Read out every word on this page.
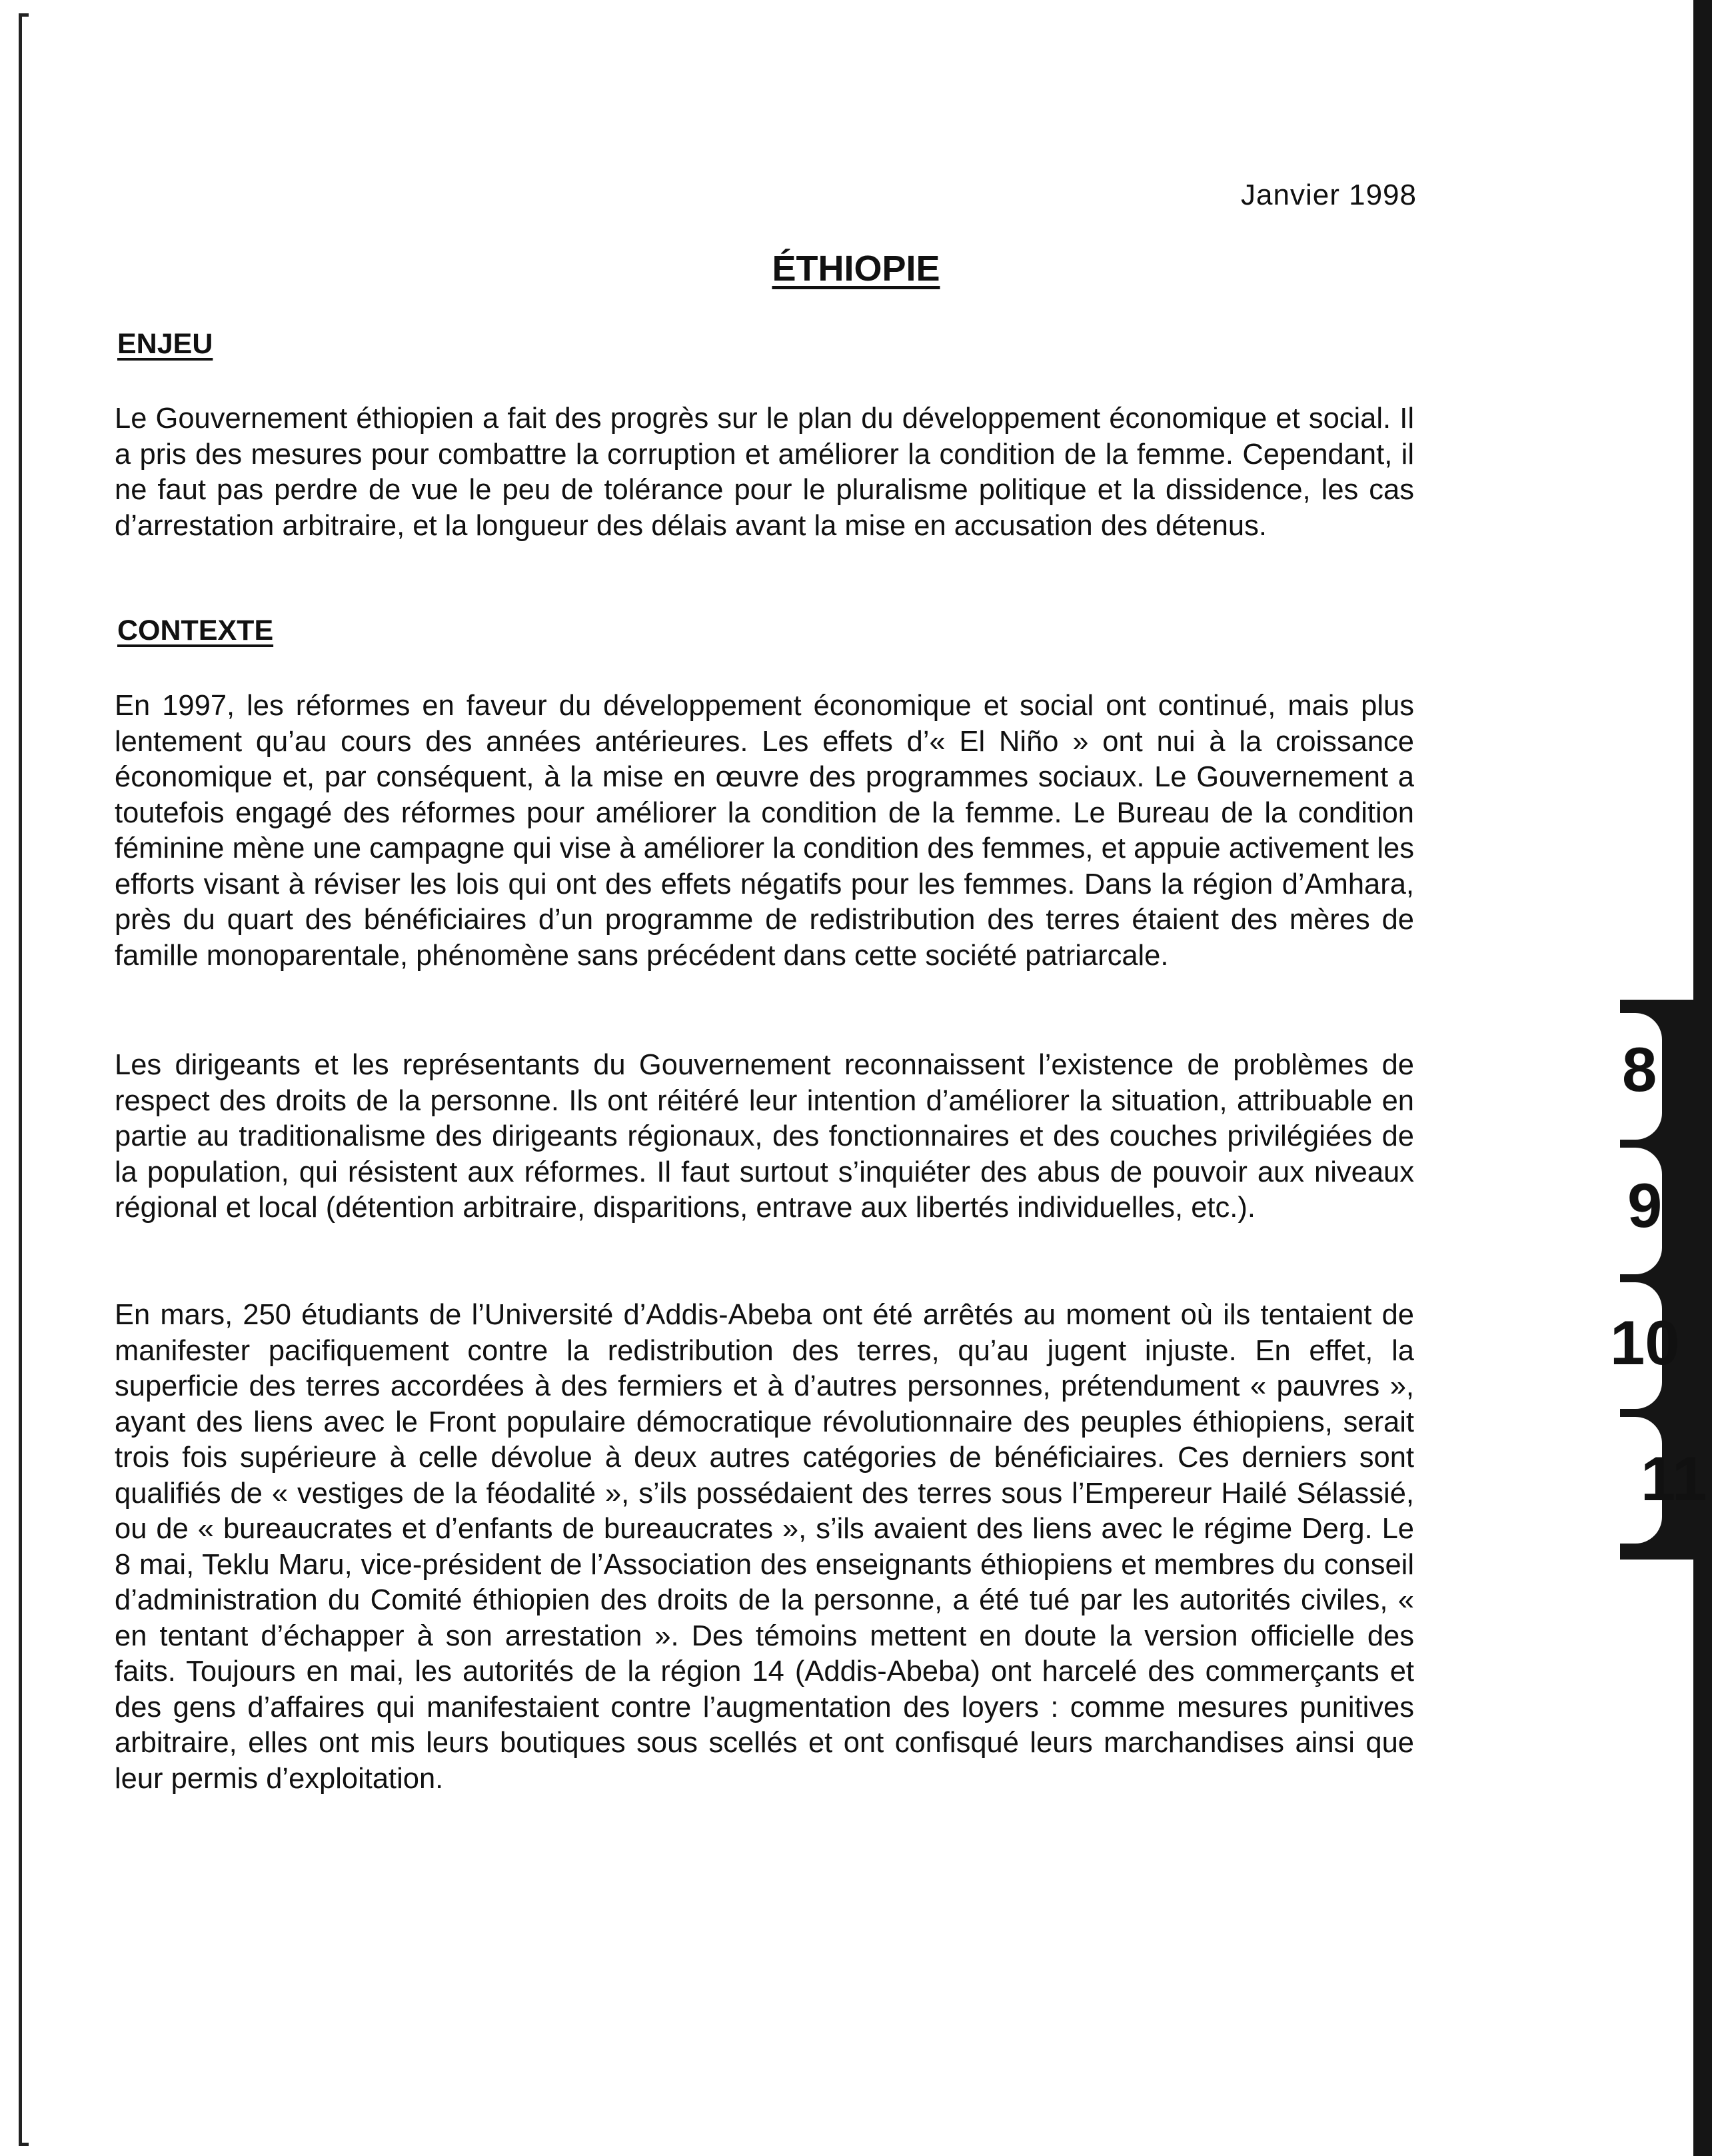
8
9
10
11
Janvier 1998
ÉTHIOPIE
ENJEU

Le Gouvernement éthiopien a fait des progrès sur le plan du développement économique et social. Il a pris des mesures pour combattre la corruption et améliorer la condition de la femme. Cependant, il ne faut pas perdre de vue le peu de tolérance pour le pluralisme politique et la dissidence, les cas d’arrestation arbitraire, et la longueur des délais avant la mise en accusation des détenus.

CONTEXTE

En 1997, les réformes en faveur du développement économique et social ont continué, mais plus lentement qu’au cours des années antérieures. Les effets d’« El Niño » ont nui à la croissance économique et, par conséquent, à la mise en œuvre des programmes sociaux. Le Gouvernement a toutefois engagé des réformes pour améliorer la condition de la femme. Le Bureau de la condition féminine mène une campagne qui vise à améliorer la condition des femmes, et appuie activement les efforts visant à réviser les lois qui ont des effets négatifs pour les femmes. Dans la région d’Amhara, près du quart des bénéficiaires d’un programme de redistribution des terres étaient des mères de famille monoparentale, phénomène sans précédent dans cette société patriarcale.

Les dirigeants et les représentants du Gouvernement reconnaissent l’existence de problèmes de respect des droits de la personne. Ils ont réitéré leur intention d’améliorer la situation, attribuable en partie au traditionalisme des dirigeants régionaux, des fonctionnaires et des couches privilégiées de la population, qui résistent aux réformes. Il faut surtout s’inquiéter des abus de pouvoir aux niveaux régional et local (détention arbitraire, disparitions, entrave aux libertés individuelles, etc.).

En mars, 250 étudiants de l’Université d’Addis-Abeba ont été arrêtés au moment où ils tentaient de manifester pacifiquement contre la redistribution des terres, qu’au jugent injuste. En effet, la superficie des terres accordées à des fermiers et à d’autres personnes, prétendument « pauvres », ayant des liens avec le Front populaire démocratique révolutionnaire des peuples éthiopiens, serait trois fois supérieure à celle dévolue à deux autres catégories de bénéficiaires. Ces derniers sont qualifiés de « vestiges de la féodalité », s’ils possédaient des terres sous l’Empereur Hailé Sélassié, ou de « bureaucrates et d’enfants de bureaucrates », s’ils avaient des liens avec le régime Derg. Le 8 mai, Teklu Maru, vice-président de l’Association des enseignants éthiopiens et membres du conseil d’administration du Comité éthiopien des droits de la personne, a été tué par les autorités civiles, « en tentant d’échapper à son arrestation ». Des témoins mettent en doute la version officielle des faits. Toujours en mai, les autorités de la région 14 (Addis-Abeba) ont harcelé des commerçants et des gens d’affaires qui manifestaient contre l’augmentation des loyers : comme mesures punitives arbitraire, elles ont mis leurs boutiques sous scellés et ont confisqué leurs marchandises ainsi que leur permis d’exploitation.
